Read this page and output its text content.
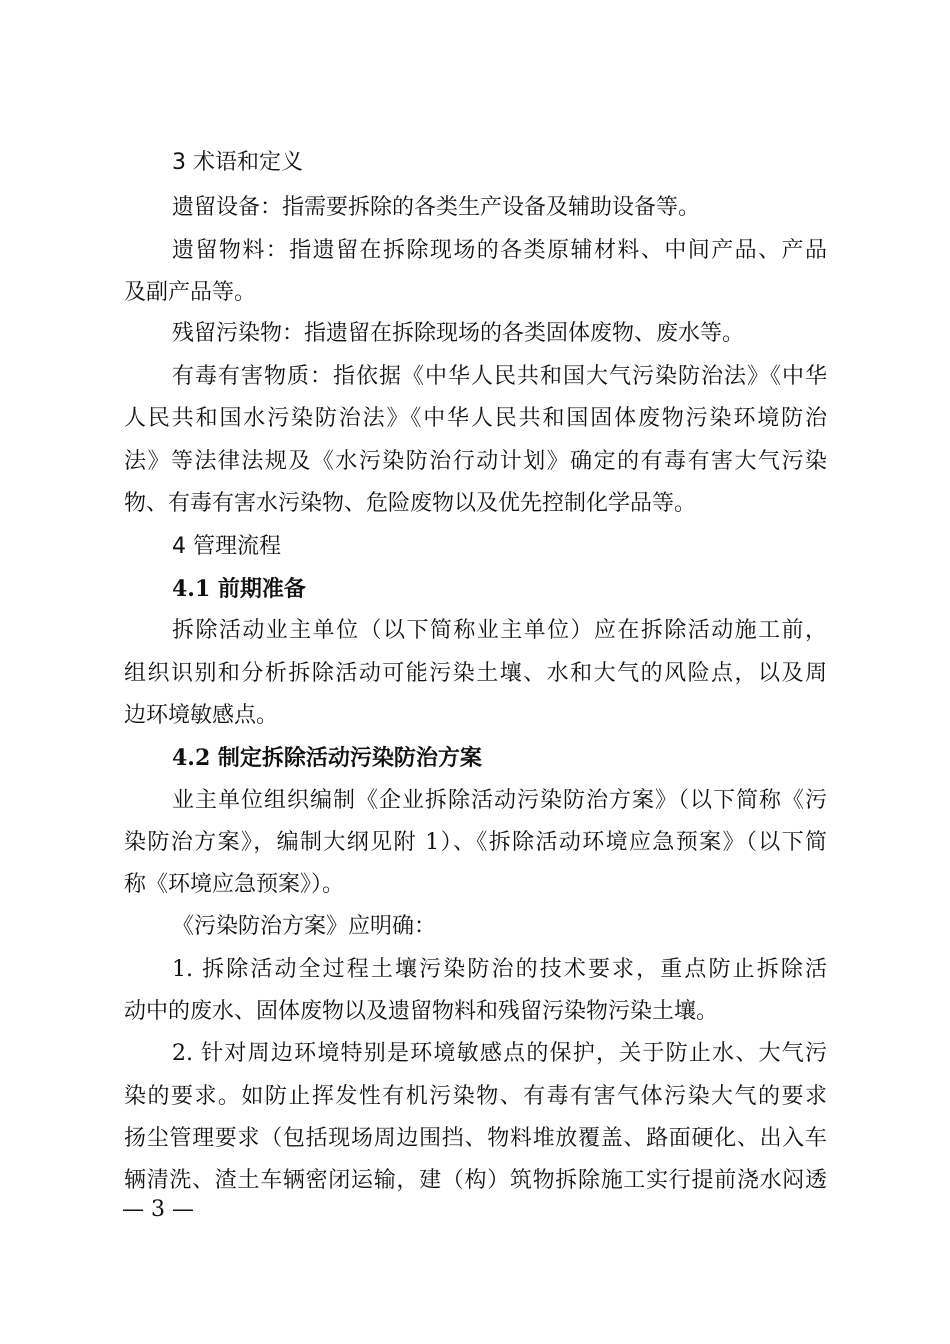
3 术语和定义
遗留设备：指需要拆除的各类生产设备及辅助设备等。
遗留物料：指遗留在拆除现场的各类原辅材料、中间产品、产品
及副产品等。
残留污染物：指遗留在拆除现场的各类固体废物、废水等。
有毒有害物质：指依据《中华人民共和国大气污染防治法》《中华
人民共和国水污染防治法》《中华人民共和国固体废物污染环境防治
法》等法律法规及《水污染防治行动计划》确定的有毒有害大气污染
物、有毒有害水污染物、危险废物以及优先控制化学品等。
4 管理流程
4.1 前期准备
拆除活动业主单位（以下简称业主单位）应在拆除活动施工前，
组织识别和分析拆除活动可能污染土壤、水和大气的风险点，以及周
边环境敏感点。
4.2 制定拆除活动污染防治方案
业主单位组织编制《企业拆除活动污染防治方案》（以下简称《污
染防治方案》，编制大纲见附 1）、《拆除活动环境应急预案》（以下简
称《环境应急预案》）。
《污染防治方案》应明确：
1. 拆除活动全过程土壤污染防治的技术要求，重点防止拆除活
动中的废水、固体废物以及遗留物料和残留污染物污染土壤。
2. 针对周边环境特别是环境敏感点的保护，关于防止水、大气污
染的要求。如防止挥发性有机污染物、有毒有害气体污染大气的要求
扬尘管理要求（包括现场周边围挡、物料堆放覆盖、路面硬化、出入车
辆清洗、渣土车辆密闭运输，建（构）筑物拆除施工实行提前浇水闷透
— 3 —
